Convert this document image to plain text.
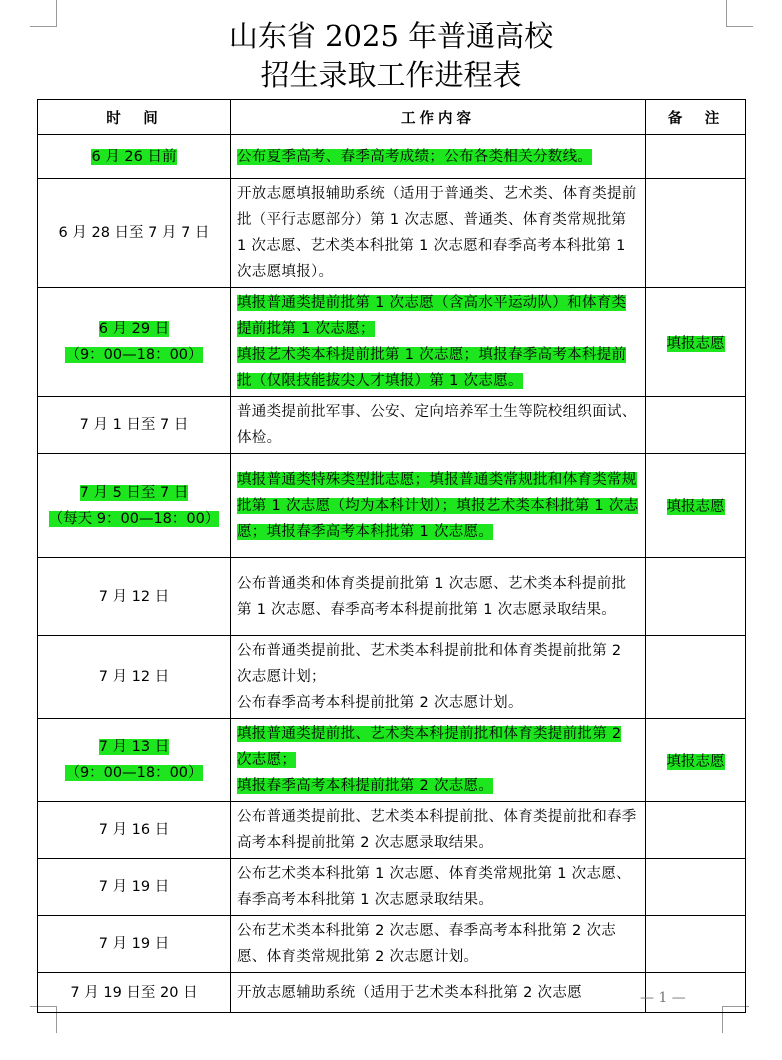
山东省 2025 年普通高校
招生录取工作进程表
时　间	工作内容	备　注

6 月 26 日前	公布夏季高考、春季高考成绩；公布各类相关分数线。	

6 月 28 日至 7 月 7 日	开放志愿填报辅助系统（适用于普通类、艺术类、体育类提前批（平行志愿部分）第 1 次志愿、普通类、体育类常规批第 1 次志愿、艺术类本科批第 1 次志愿和春季高考本科批第 1 次志愿填报）。	

6 月 29 日
（9：00—18：00）	填报普通类提前批第 1 次志愿（含高水平运动队）和体育类提前批第 1 次志愿；
填报艺术类本科提前批第 1 次志愿；填报春季高考本科提前批（仅限技能拔尖人才填报）第 1 次志愿。	填报志愿

7 月 1 日至 7 日	普通类提前批军事、公安、定向培养军士生等院校组织面试、体检。	

7 月 5 日至 7 日
（每天 9：00—18：00）	填报普通类特殊类型批志愿；填报普通类常规批和体育类常规批第 1 次志愿（均为本科计划）；填报艺术类本科批第 1 次志愿；填报春季高考本科批第 1 次志愿。	填报志愿

7 月 12 日	公布普通类和体育类提前批第 1 次志愿、艺术类本科提前批第 1 次志愿、春季高考本科提前批第 1 次志愿录取结果。	

7 月 12 日	公布普通类提前批、艺术类本科提前批和体育类提前批第 2 次志愿计划；
公布春季高考本科提前批第 2 次志愿计划。	

7 月 13 日
（9：00—18：00）	填报普通类提前批、艺术类本科提前批和体育类提前批第 2 次志愿；
填报春季高考本科提前批第 2 次志愿。	填报志愿

7 月 16 日	公布普通类提前批、艺术类本科提前批、体育类提前批和春季高考本科提前批第 2 次志愿录取结果。	

7 月 19 日	公布艺术类本科批第 1 次志愿、体育类常规批第 1 次志愿、春季高考本科批第 1 次志愿录取结果。	

7 月 19 日	公布艺术类本科批第 2 次志愿、春季高考本科批第 2 次志愿、体育类常规批第 2 次志愿计划。	

7 月 19 日至 20 日	开放志愿辅助系统（适用于艺术类本科批第 2 次志愿	
		— 1 —
